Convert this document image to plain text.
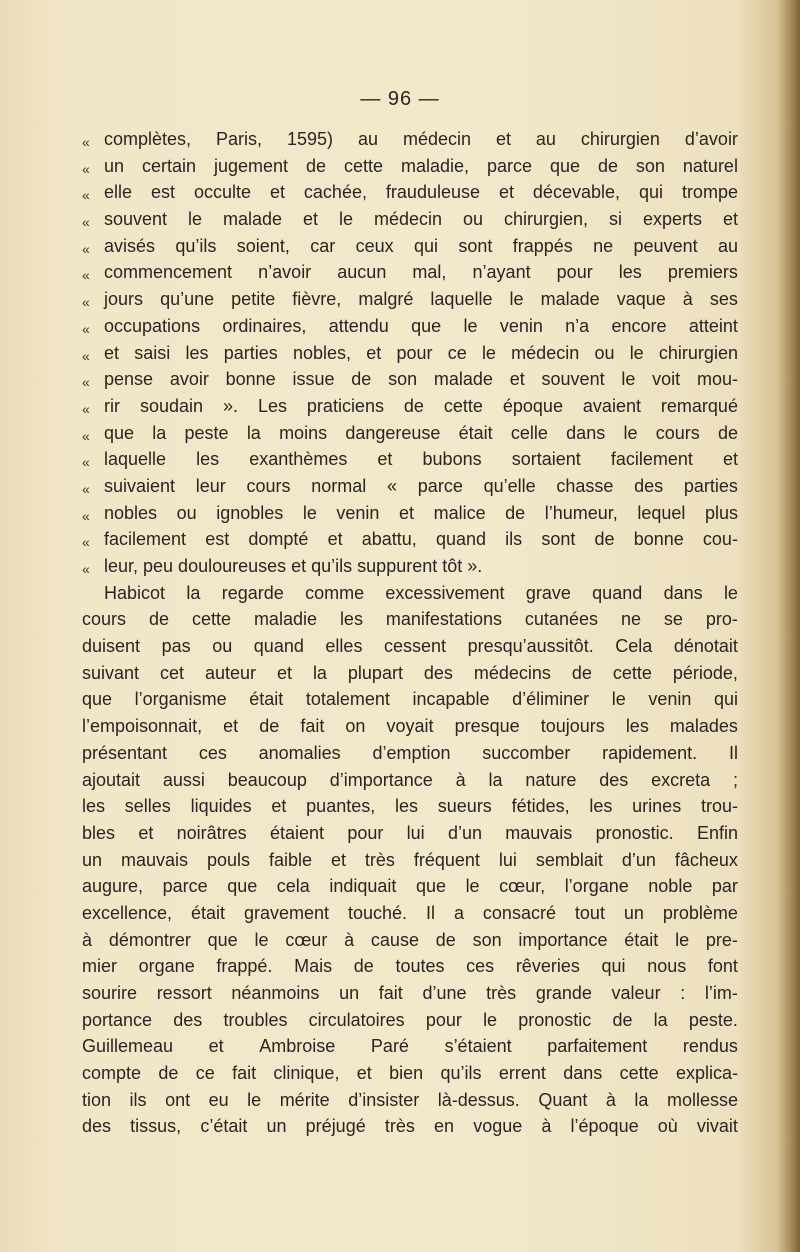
— 96 —
« complètes, Paris, 1595) au médecin et au chirurgien d’avoir
« un certain jugement de cette maladie, parce que de son naturel
« elle est occulte et cachée, frauduleuse et décevable, qui trompe
« souvent le malade et le médecin ou chirurgien, si experts et
« avisés qu’ils soient, car ceux qui sont frappés ne peuvent au
« commencement n’avoir aucun mal, n’ayant pour les premiers
« jours qu’une petite fièvre, malgré laquelle le malade vaque à ses
« occupations ordinaires, attendu que le venin n’a encore atteint
« et saisi les parties nobles, et pour ce le médecin ou le chirurgien
« pense avoir bonne issue de son malade et souvent le voit mou-
« rir soudain ». Les praticiens de cette époque avaient remarqué
« que la peste la moins dangereuse était celle dans le cours de
« laquelle les exanthèmes et bubons sortaient facilement et
« suivaient leur cours normal « parce qu’elle chasse des parties
« nobles ou ignobles le venin et malice de l’humeur, lequel plus
« facilement est dompté et abattu, quand ils sont de bonne cou-
« leur, peu douloureuses et qu’ils suppurent tôt ».
Habicot la regarde comme excessivement grave quand dans le
cours de cette maladie les manifestations cutanées ne se pro-
duisent pas ou quand elles cessent presqu’aussitôt. Cela dénotait
suivant cet auteur et la plupart des médecins de cette période,
que l’organisme était totalement incapable d’éliminer le venin qui
l’empoisonnait, et de fait on voyait presque toujours les malades
présentant ces anomalies d’emption succomber rapidement. Il
ajoutait aussi beaucoup d’importance à la nature des excreta ;
les selles liquides et puantes, les sueurs fétides, les urines trou-
bles et noirâtres étaient pour lui d’un mauvais pronostic. Enfin
un mauvais pouls faible et très fréquent lui semblait d’un fâcheux
augure, parce que cela indiquait que le cœur, l’organe noble par
excellence, était gravement touché. Il a consacré tout un problème
à démontrer que le cœur à cause de son importance était le pre-
mier organe frappé. Mais de toutes ces rêveries qui nous font
sourire ressort néanmoins un fait d’une très grande valeur : l’im-
portance des troubles circulatoires pour le pronostic de la peste.
Guillemeau et Ambroise Paré s’étaient parfaitement rendus
compte de ce fait clinique, et bien qu’ils errent dans cette explica-
tion ils ont eu le mérite d’insister là-dessus. Quant à la mollesse
des tissus, c’était un préjugé très en vogue à l’époque où vivait
